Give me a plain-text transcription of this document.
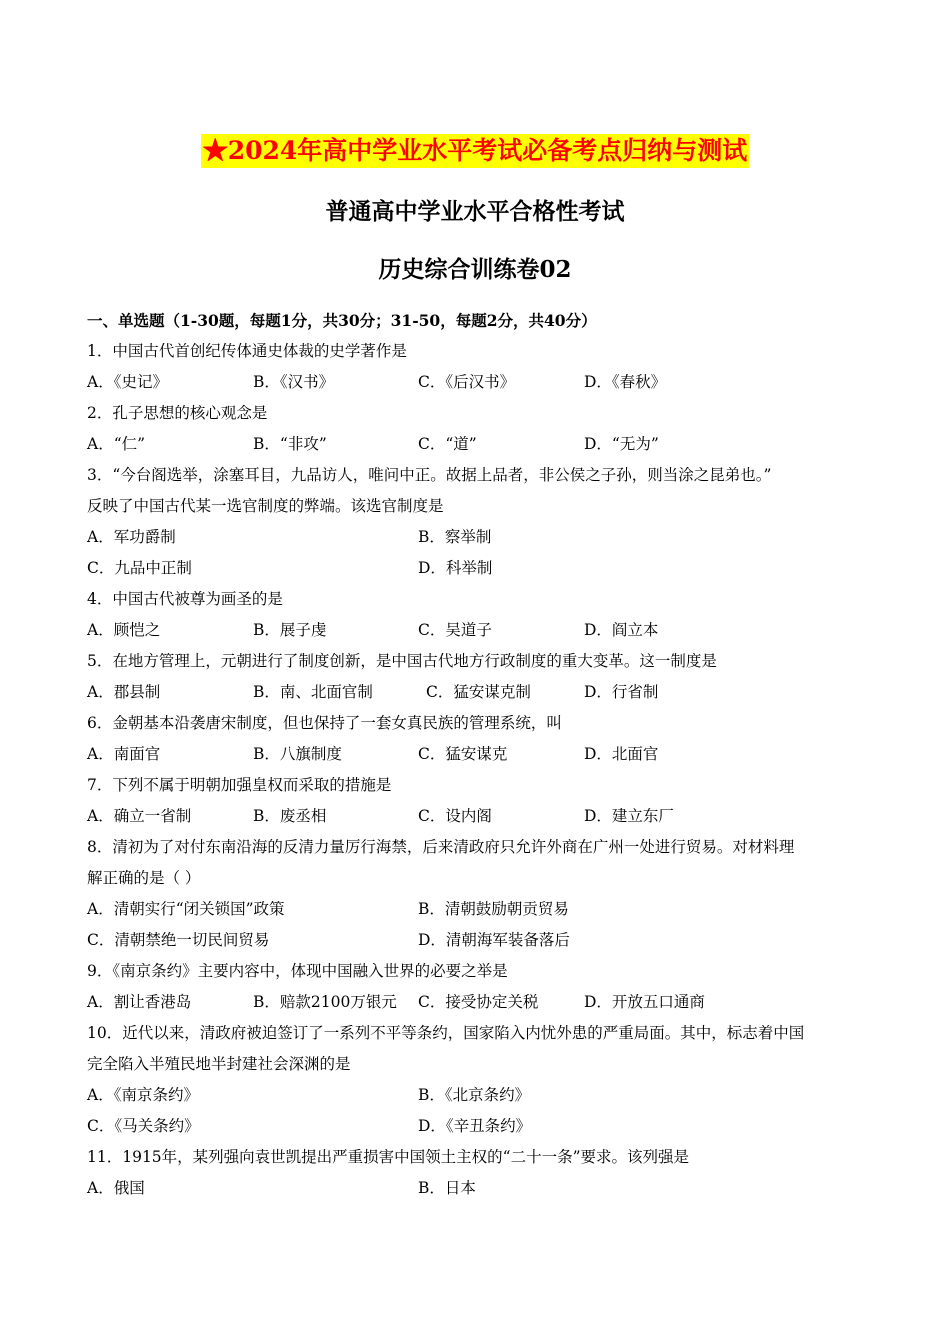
★2024年高中学业水平考试必备考点归纳与测试
普通高中学业水平合格性考试
历史综合训练卷02
一、单选题（1-30题，每题1分，共30分；31-50，每题2分，共40分）
1．中国古代首创纪传体通史体裁的史学著作是
A．《史记》	B．《汉书》	C．《后汉书》	D．《春秋》
2．孔子思想的核心观念是
A．“仁”	B．“非攻”	C．“道”	D．“无为”
3．“今台阁选举，涂塞耳目，九品访人，唯问中正。故据上品者，非公侯之子孙，则当涂之昆弟也。”
反映了中国古代某一选官制度的弊端。该选官制度是
A．军功爵制	B．察举制
C．九品中正制	D．科举制
4．中国古代被尊为画圣的是
A．顾恺之	B．展子虔	C．吴道子	D．阎立本
5．在地方管理上，元朝进行了制度创新，是中国古代地方行政制度的重大变革。这一制度是
A．郡县制	B．南、北面官制	C．猛安谋克制	D．行省制
6．金朝基本沿袭唐宋制度，但也保持了一套女真民族的管理系统，叫
A．南面官	B．八旗制度	C．猛安谋克	D．北面官
7．下列不属于明朝加强皇权而采取的措施是
A．确立一省制	B．废丞相	C．设内阁	D．建立东厂
8．清初为了对付东南沿海的反清力量厉行海禁，后来清政府只允许外商在广州一处进行贸易。对材料理
解正确的是（ ）
A．清朝实行“闭关锁国”政策	B．清朝鼓励朝贡贸易
C．清朝禁绝一切民间贸易	D．清朝海军装备落后
9．《南京条约》主要内容中，体现中国融入世界的必要之举是
A．割让香港岛	B．赔款2100万银元 C．接受协定关税	D．开放五口通商
10．近代以来，清政府被迫签订了一系列不平等条约，国家陷入内忧外患的严重局面。其中，标志着中国
完全陷入半殖民地半封建社会深渊的是
A．《南京条约》	B．《北京条约》
C．《马关条约》	D．《辛丑条约》
11．1915年，某列强向袁世凯提出严重损害中国领土主权的“二十一条”要求。该列强是
A．俄国	B．日本
